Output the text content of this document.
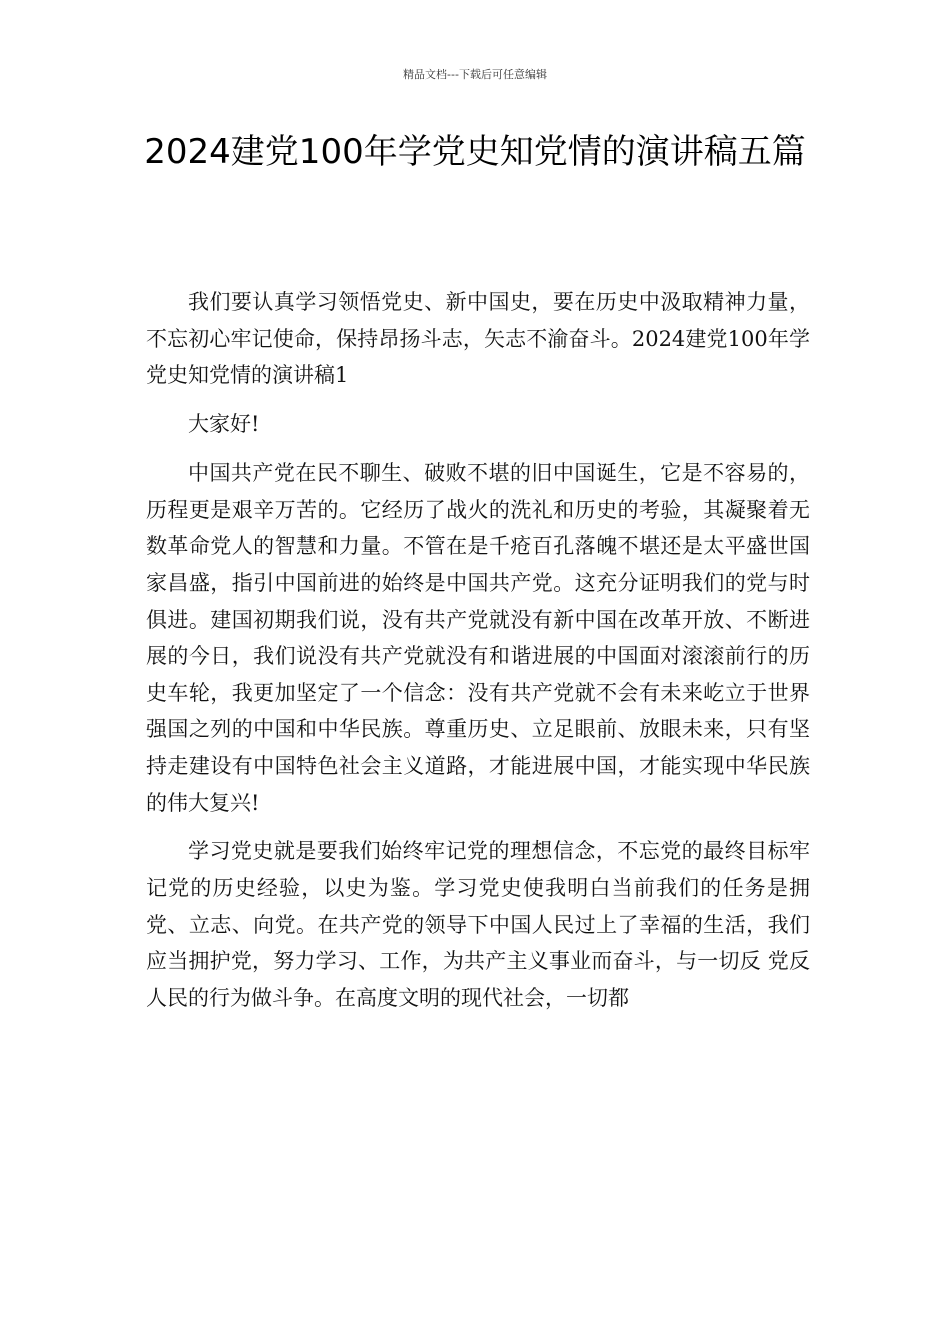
精品文档---下载后可任意编辑
2024建党100年学党史知党情的演讲稿五篇

我们要认真学习领悟党史、新中国史，要在历史中汲取精神力量，不忘初心牢记使命，保持昂扬斗志，矢志不渝奋斗。2024建党100年学党史知党情的演讲稿1

大家好!

中国共产党在民不聊生、破败不堪的旧中国诞生，它是不容易的，历程更是艰辛万苦的。它经历了战火的洗礼和历史的考验，其凝聚着无数革命党人的智慧和力量。不管在是千疮百孔落魄不堪还是太平盛世国家昌盛，指引中国前进的始终是中国共产党。这充分证明我们的党与时俱进。建国初期我们说，没有共产党就没有新中国在改革开放、不断进展的今日，我们说没有共产党就没有和谐进展的中国面对滚滚前行的历史车轮，我更加坚定了一个信念：没有共产党就不会有未来屹立于世界强国之列的中国和中华民族。尊重历史、立足眼前、放眼未来，只有坚持走建设有中国特色社会主义道路，才能进展中国，才能实现中华民族的伟大复兴!

学习党史就是要我们始终牢记党的理想信念，不忘党的最终目标牢记党的历史经验，以史为鉴。学习党史使我明白当前我们的任务是拥党、立志、向党。在共产党的领导下中国人民过上了幸福的生活，我们应当拥护党，努力学习、工作，为共产主义事业而奋斗，与一切反 党反人民的行为做斗争。在高度文明的现代社会，一切都
